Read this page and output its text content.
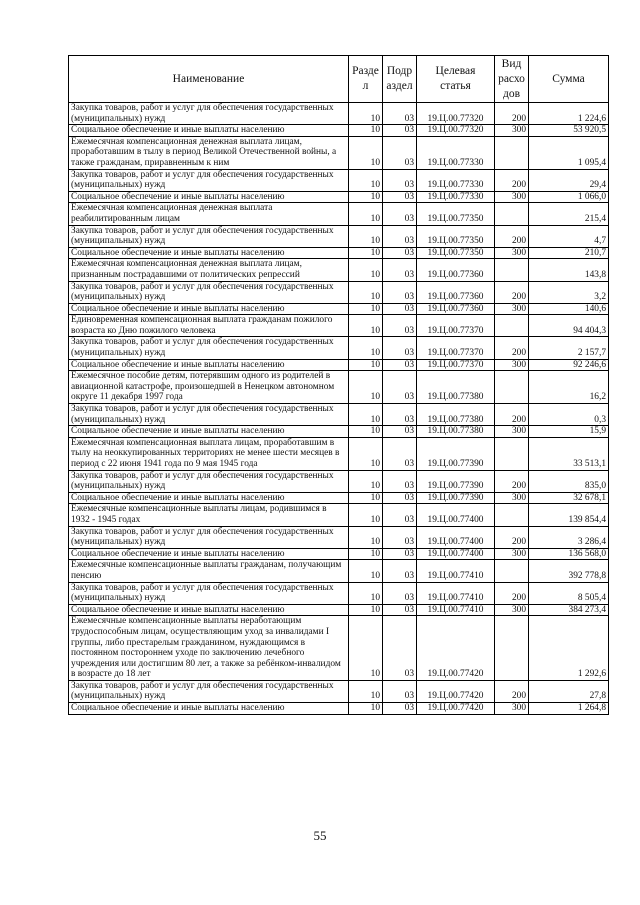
Наименование	Разде л	Подр аздел	Целевая статья	Вид расхо дов	Сумма
Закупка товаров, работ и услуг для обеспечения государственных (муниципальных) нужд	10	03	19.Ц.00.77320	200	1 224,6
Социальное обеспечение и иные выплаты населению	10	03	19.Ц.00.77320	300	53 920,5
Ежемесячная компенсационная денежная выплата лицам, проработавшим в тылу в период Великой Отечественной войны, а также гражданам, приравненным к ним	10	03	19.Ц.00.77330		1 095,4
Закупка товаров, работ и услуг для обеспечения государственных (муниципальных) нужд	10	03	19.Ц.00.77330	200	29,4
Социальное обеспечение и иные выплаты населению	10	03	19.Ц.00.77330	300	1 066,0
Ежемесячная компенсационная денежная выплата реабилитированным лицам	10	03	19.Ц.00.77350		215,4
Закупка товаров, работ и услуг для обеспечения государственных (муниципальных) нужд	10	03	19.Ц.00.77350	200	4,7
Социальное обеспечение и иные выплаты населению	10	03	19.Ц.00.77350	300	210,7
Ежемесячная компенсационная денежная выплата лицам, признанным пострадавшими от политических репрессий	10	03	19.Ц.00.77360		143,8
Закупка товаров, работ и услуг для обеспечения государственных (муниципальных) нужд	10	03	19.Ц.00.77360	200	3,2
Социальное обеспечение и иные выплаты населению	10	03	19.Ц.00.77360	300	140,6
Единовременная компенсационная выплата гражданам пожилого возраста ко Дню пожилого человека	10	03	19.Ц.00.77370		94 404,3
Закупка товаров, работ и услуг для обеспечения государственных (муниципальных) нужд	10	03	19.Ц.00.77370	200	2 157,7
Социальное обеспечение и иные выплаты населению	10	03	19.Ц.00.77370	300	92 246,6
Ежемесячное пособие детям, потерявшим одного из родителей в авиационной катастрофе, произошедшей в Ненецком автономном округе 11 декабря 1997 года	10	03	19.Ц.00.77380		16,2
Закупка товаров, работ и услуг для обеспечения государственных (муниципальных) нужд	10	03	19.Ц.00.77380	200	0,3
Социальное обеспечение и иные выплаты населению	10	03	19.Ц.00.77380	300	15,9
Ежемесячная компенсационная выплата лицам, проработавшим в тылу на неоккупированных территориях не менее шести месяцев в период с 22 июня 1941 года по 9 мая 1945 года	10	03	19.Ц.00.77390		33 513,1
Закупка товаров, работ и услуг для обеспечения государственных (муниципальных) нужд	10	03	19.Ц.00.77390	200	835,0
Социальное обеспечение и иные выплаты населению	10	03	19.Ц.00.77390	300	32 678,1
Ежемесячные компенсационные выплаты лицам, родившимся в 1932 - 1945 годах	10	03	19.Ц.00.77400		139 854,4
Закупка товаров, работ и услуг для обеспечения государственных (муниципальных) нужд	10	03	19.Ц.00.77400	200	3 286,4
Социальное обеспечение и иные выплаты населению	10	03	19.Ц.00.77400	300	136 568,0
Ежемесячные компенсационные выплаты гражданам, получающим пенсию	10	03	19.Ц.00.77410		392 778,8
Закупка товаров, работ и услуг для обеспечения государственных (муниципальных) нужд	10	03	19.Ц.00.77410	200	8 505,4
Социальное обеспечение и иные выплаты населению	10	03	19.Ц.00.77410	300	384 273,4
Ежемесячные компенсационные выплаты неработающим трудоспособным лицам, осуществляющим уход за инвалидами I группы, либо престарелым гражданином, нуждающимся в постоянном постороннем уходе по заключению лечебного учреждения или достигшим 80 лет, а также за ребёнком-инвалидом в возрасте до 18 лет	10	03	19.Ц.00.77420		1 292,6
Закупка товаров, работ и услуг для обеспечения государственных (муниципальных) нужд	10	03	19.Ц.00.77420	200	27,8
Социальное обеспечение и иные выплаты населению	10	03	19.Ц.00.77420	300	1 264,8
55
